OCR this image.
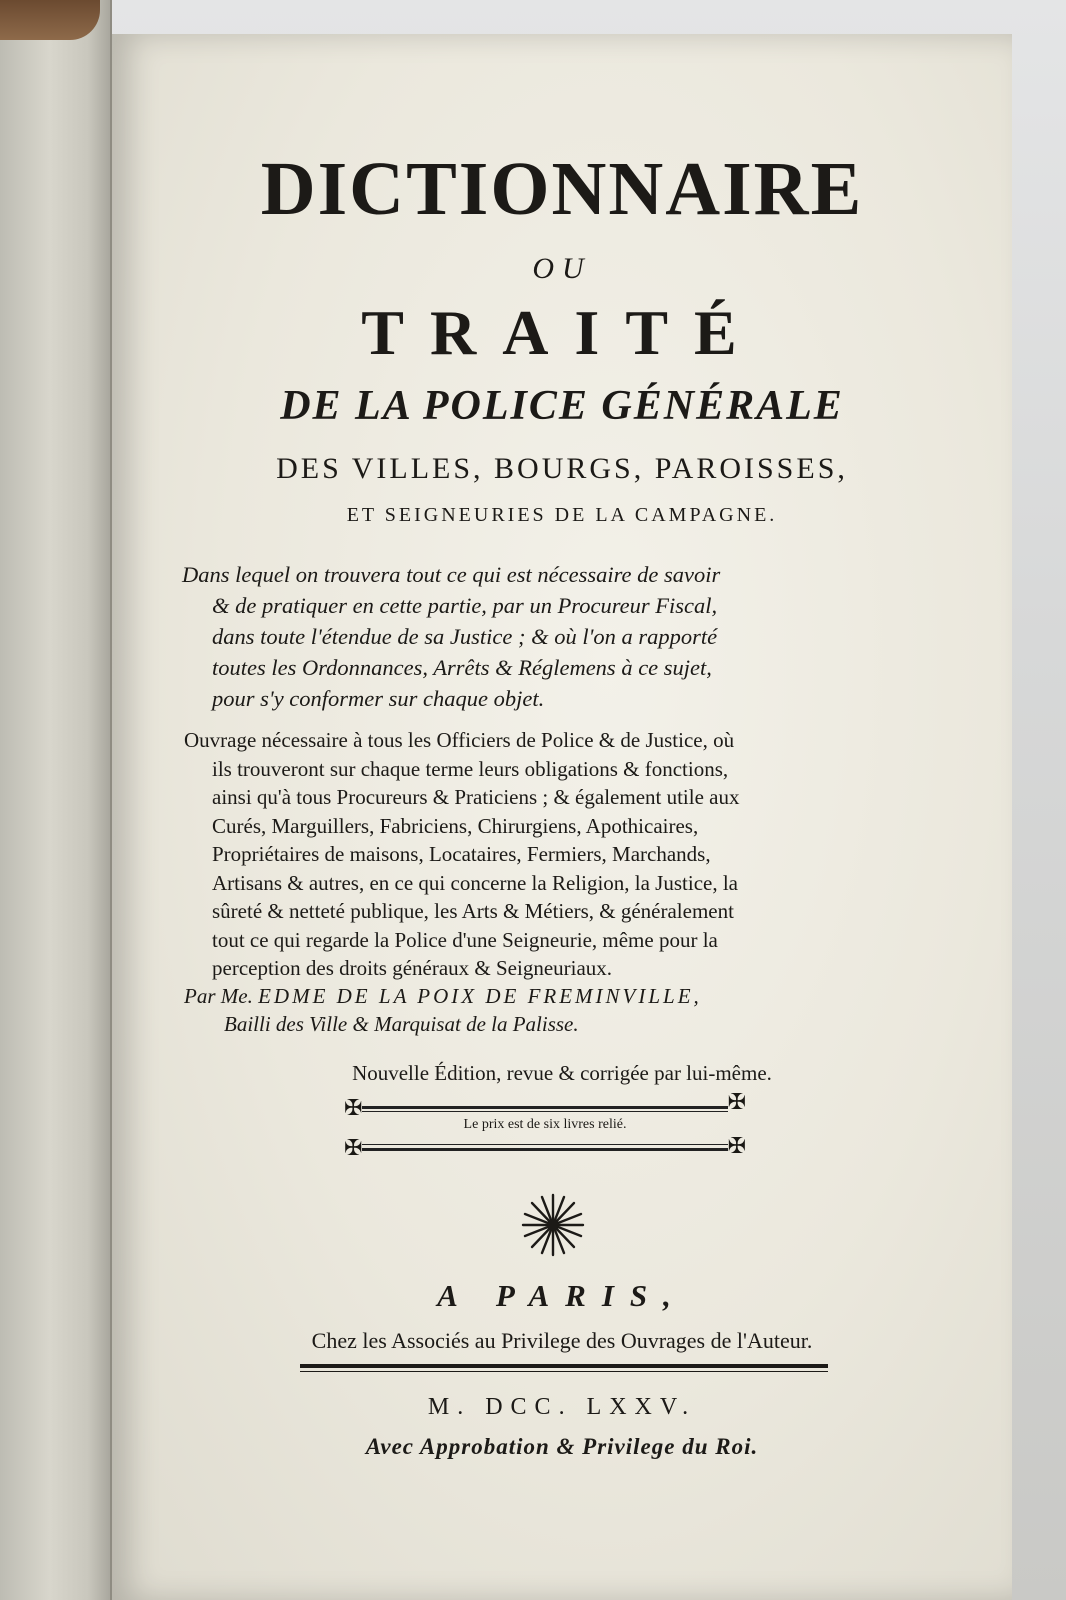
DICTIONNAIRE
OU
TRAITÉ
DE LA POLICE GÉNÉRALE
DES VILLES, BOURGS, PAROISSES,
ET SEIGNEURIES DE LA CAMPAGNE.
Dans lequel on trouvera tout ce qui est nécessaire de savoir
& de pratiquer en cette partie, par un Procureur Fiscal,
dans toute l'étendue de sa Justice ; & où l'on a rapporté
toutes les Ordonnances, Arrêts & Réglemens à ce sujet,
pour s'y conformer sur chaque objet.
Ouvrage nécessaire à tous les Officiers de Police & de Justice, où
ils trouveront sur chaque terme leurs obligations & fonctions,
ainsi qu'à tous Procureurs & Praticiens ; & également utile aux
Curés, Marguillers, Fabriciens, Chirurgiens, Apothicaires,
Propriétaires de maisons, Locataires, Fermiers, Marchands,
Artisans & autres, en ce qui concerne la Religion, la Justice, la
sûreté & netteté publique, les Arts & Métiers, & généralement
tout ce qui regarde la Police d'une Seigneurie, même pour la
perception des droits généraux & Seigneuriaux.
Par Me. EDME DE LA POIX DE FREMINVILLE,
Bailli des Ville & Marquisat de la Palisse.
Nouvelle Édition, revue & corrigée par lui-même.
✠	✠
Le prix est de six livres relié.
✠	✠
A PARIS,
Chez les Associés au Privilege des Ouvrages de l'Auteur.
M. DCC. LXXV.
Avec Approbation & Privilege du Roi.
